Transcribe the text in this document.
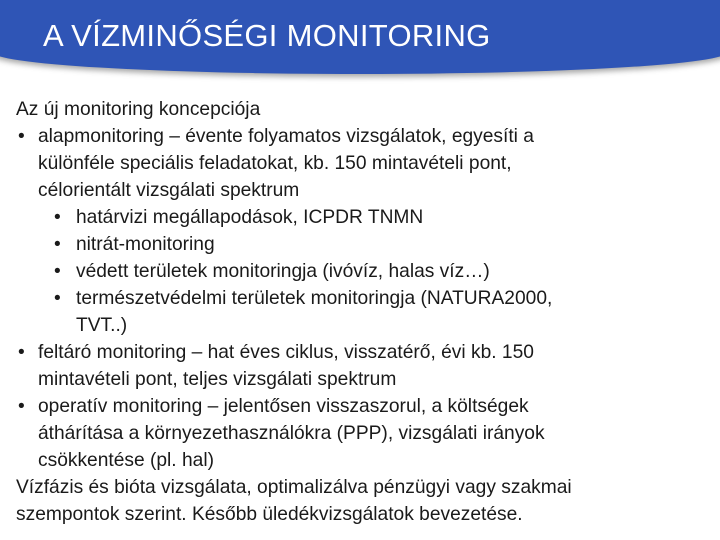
A VÍZMINŐSÉGI MONITORING
Az új monitoring koncepciója
• alapmonitoring – évente folyamatos vizsgálatok, egyesíti a
különféle speciális feladatokat, kb. 150 mintavételi pont,
célorientált vizsgálati spektrum
• határvizi megállapodások, ICPDR TNMN
• nitrát-monitoring
• védett területek monitoringja (ivóvíz, halas víz…)
• természetvédelmi területek monitoringja (NATURA2000,
TVT..)
• feltáró monitoring – hat éves ciklus, visszatérő, évi kb. 150
mintavételi pont, teljes vizsgálati spektrum
• operatív monitoring – jelentősen visszaszorul, a költségek
áthárítása a környezethasználókra (PPP), vizsgálati irányok
csökkentése (pl. hal)
Vízfázis és bióta vizsgálata, optimalizálva pénzügyi vagy szakmai
szempontok szerint. Később üledékvizsgálatok bevezetése.
